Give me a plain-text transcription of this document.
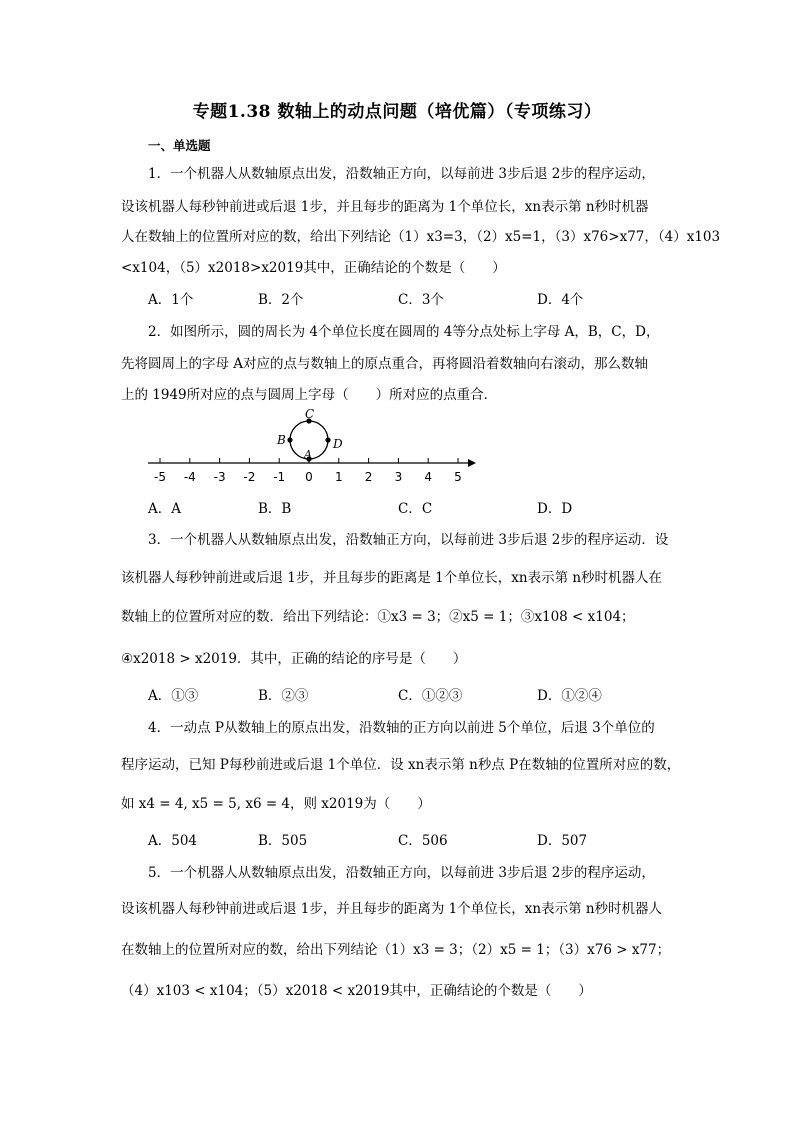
专题1.38 数轴上的动点问题（培优篇）（专项练习）
一、单选题
1．一个机器人从数轴原点出发，沿数轴正方向，以每前进 3步后退 2步的程序运动，
设该机器人每秒钟前进或后退 1步，并且每步的距离为 1个单位长，xn表示第 n秒时机器
人在数轴上的位置所对应的数，给出下列结论（1）x3=3，（2）x5=1，（3）x76>x77，（4）x103
<x104，（5）x2018>x2019其中，正确结论的个数是（　　）
A．1个	B．2个	C．3个	D．4个
2．如图所示，圆的周长为 4个单位长度在圆周的 4等分点处标上字母 A，B，C，D，
先将圆周上的字母 A对应的点与数轴上的原点重合，再将圆沿着数轴向右滚动，那么数轴
上的 1949所对应的点与圆周上字母（　　）所对应的点重合．
-5 -4 -3 -2 -1 0 1 2 3 4 5
C
B	D
A
A．A	B．B	C．C	D．D
3．一个机器人从数轴原点出发，沿数轴正方向，以每前进 3步后退 2步的程序运动．设
该机器人每秒钟前进或后退 1步，并且每步的距离是 1个单位长，xn表示第 n秒时机器人在
数轴上的位置所对应的数．给出下列结论：①x3 = 3；②x5 = 1；③x108 < x104；
④x2018 > x2019．其中，正确的结论的序号是（　　）
A．①③	B．②③	C．①②③	D．①②④
4．一动点 P从数轴上的原点出发，沿数轴的正方向以前进 5个单位，后退 3个单位的
程序运动，已知 P每秒前进或后退 1个单位．设 xn表示第 n秒点 P在数轴的位置所对应的数，
如 x4 = 4, x5 = 5, x6 = 4，则 x2019为（　　）
A．504	B．505	C．506	D．507
5．一个机器人从数轴原点出发，沿数轴正方向，以每前进 3步后退 2步的程序运动，
设该机器人每秒钟前进或后退 1步，并且每步的距离为 1个单位长，xn表示第 n秒时机器人
在数轴上的位置所对应的数，给出下列结论（1）x3 = 3；（2）x5 = 1；（3）x76 > x77；
（4）x103 < x104；（5）x2018 < x2019其中，正确结论的个数是（　　）
